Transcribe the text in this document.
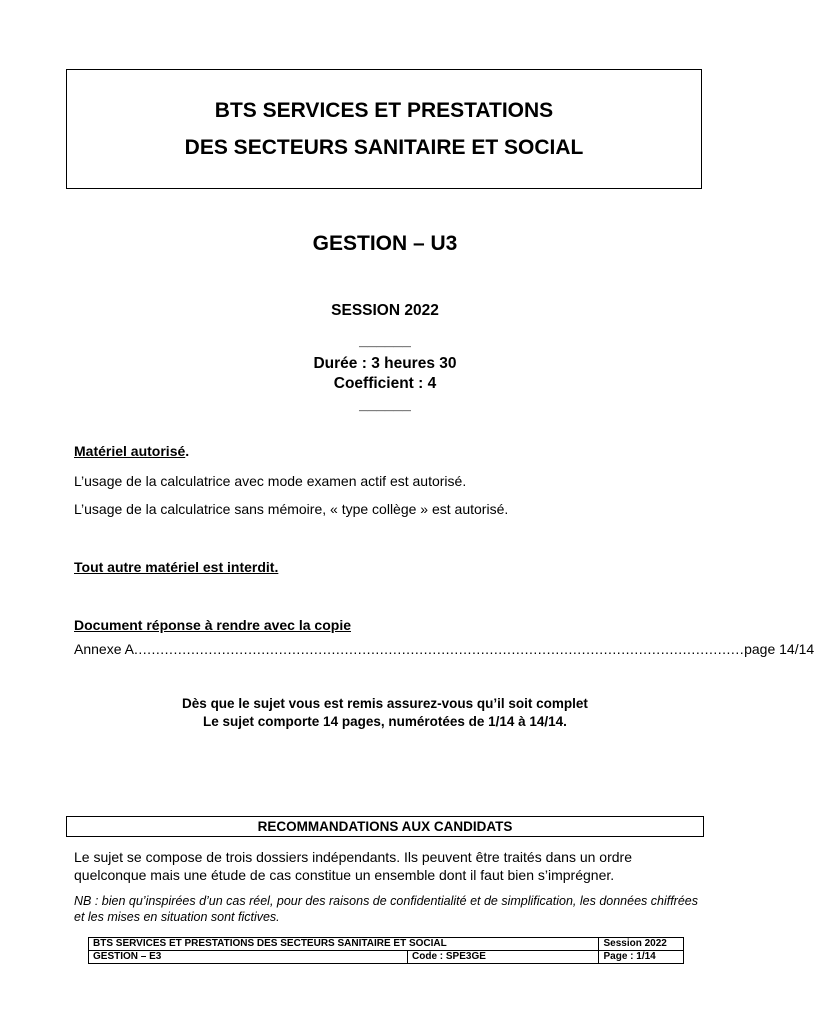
BTS SERVICES ET PRESTATIONS
DES SECTEURS SANITAIRE ET SOCIAL
GESTION – U3
SESSION 2022
______
Durée : 3 heures 30
Coefficient : 4
______
Matériel autorisé.
L’usage de la calculatrice avec mode examen actif est autorisé.
L’usage de la calculatrice sans mémoire, « type collège » est autorisé.
Tout autre matériel est interdit.
Document réponse à rendre avec la copie
Annexe A ........................................................................................................................................... page 14/14
Dès que le sujet vous est remis assurez-vous qu’il soit complet
Le sujet comporte 14 pages, numérotées de 1/14 à 14/14.
RECOMMANDATIONS AUX CANDIDATS
Le sujet se compose de trois dossiers indépendants. Ils peuvent être traités dans un ordre quelconque mais une étude de cas constitue un ensemble dont il faut bien s’imprégner.
NB : bien qu’inspirées d’un cas réel, pour des raisons de confidentialité et de simplification, les données chiffrées et les mises en situation sont fictives.
BTS SERVICES ET PRESTATIONS DES SECTEURS SANITAIRE ET SOCIAL		Session 2022
GESTION – E3	Code : SPE3GE	Page : 1/14
